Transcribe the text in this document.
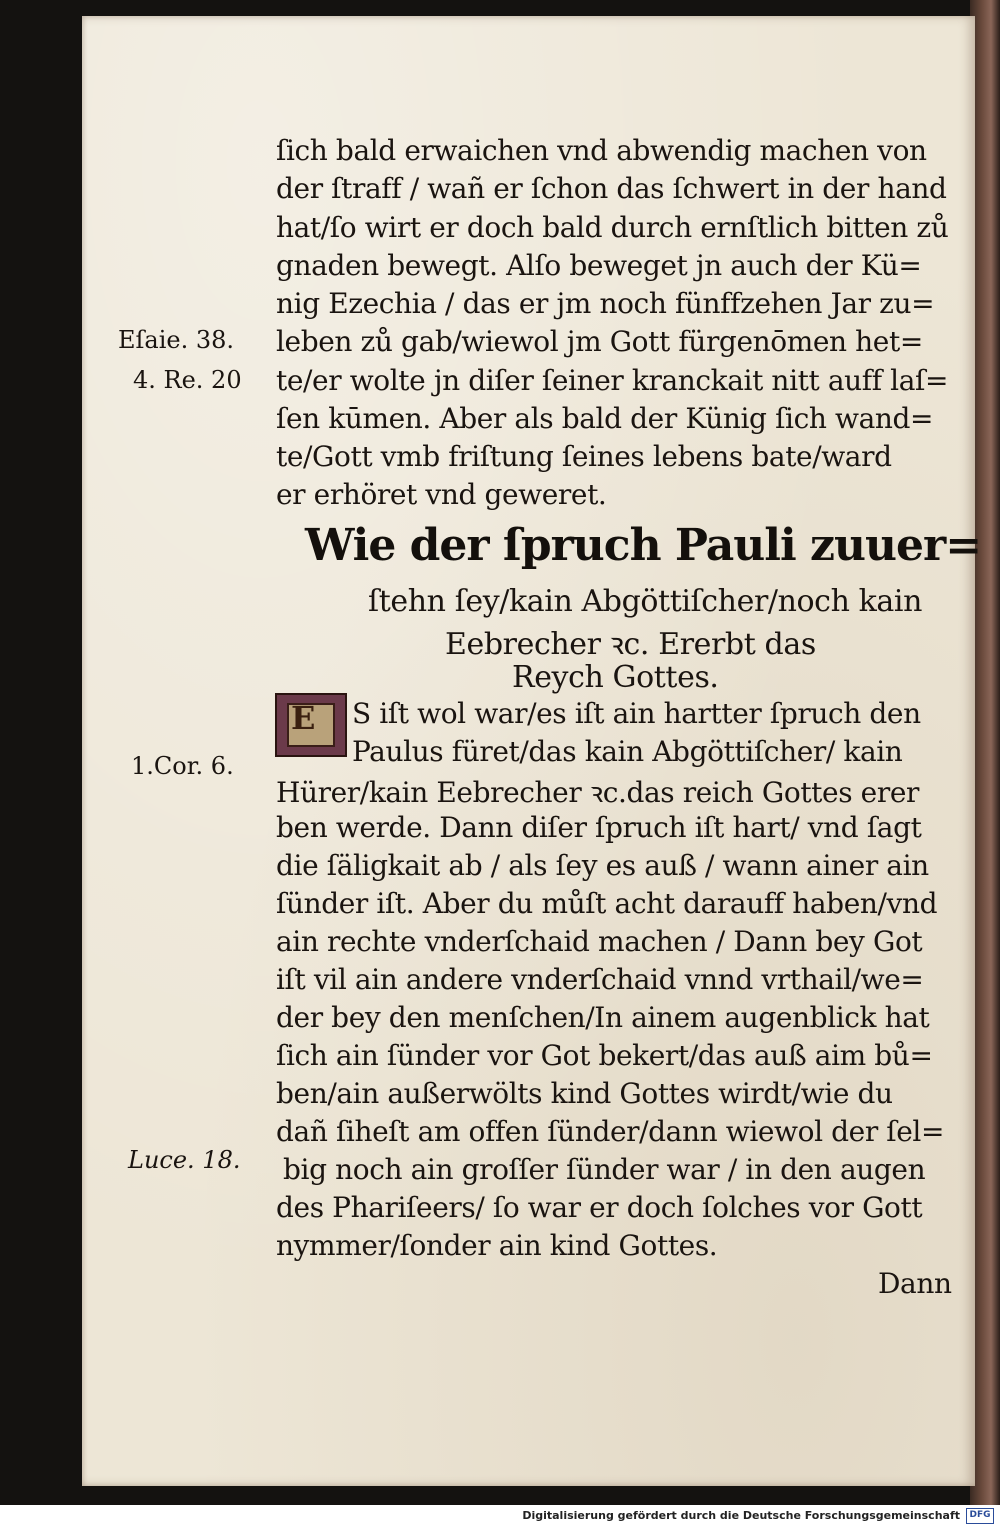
Eſaie. 38.
4. Re. 20
1.Cor. 6.
Luce. 18.
ſich bald erwaichen vnd abwendig machen von
der ſtraff / wañ er ſchon das ſchwert in der hand
hat/ſo wirt er doch bald durch ernſtlich bitten zů
gnaden bewegt. Alſo beweget jn auch der Kü=
nig Ezechia / das er jm noch fünffzehen Jar zu=
leben zů gab/wiewol jm Gott fürgenōmen het=
te/er wolte jn diſer ſeiner kranckait nitt auff laſ=
ſen kūmen. Aber als bald der Künig ſich wand=
te/Gott vmb friſtung ſeines lebens bate/ward
er erhöret vnd geweret.
Wie der ſpruch Pauli zuuer=
ſtehn ſey/kain Abgöttiſcher/noch kain
Eebrecher ꝛc. Ererbt das
Reych Gottes.
E S iſt wol war/es iſt ain hartter ſpruch den
Paulus füret/das kain Abgöttiſcher/ kain
Hürer/kain Eebrecher ꝛc.das reich Gottes erer
ben werde. Dann diſer ſpruch iſt hart/ vnd ſagt
die ſäligkait ab / als ſey es auß / wann ainer ain
ſünder iſt. Aber du můſt acht darauff haben/vnd
ain rechte vnderſchaid machen / Dann bey Got
iſt vil ain andere vnderſchaid vnnd vrthail/we=
der bey den menſchen/In ainem augenblick hat
ſich ain ſünder vor Got bekert/das auß aim bů=
ben/ain außerwölts kind Gottes wirdt/wie du
dañ ſiheſt am offen ſünder/dann wiewol der ſel=
big noch ain groſſer ſünder war / in den augen
des Phariſeers/ ſo war er doch ſolches vor Gott
nymmer/ſonder ain kind Gottes.
Dann
Digitalisierung gefördert durch die Deutsche Forschungsgemeinschaft	DFG
